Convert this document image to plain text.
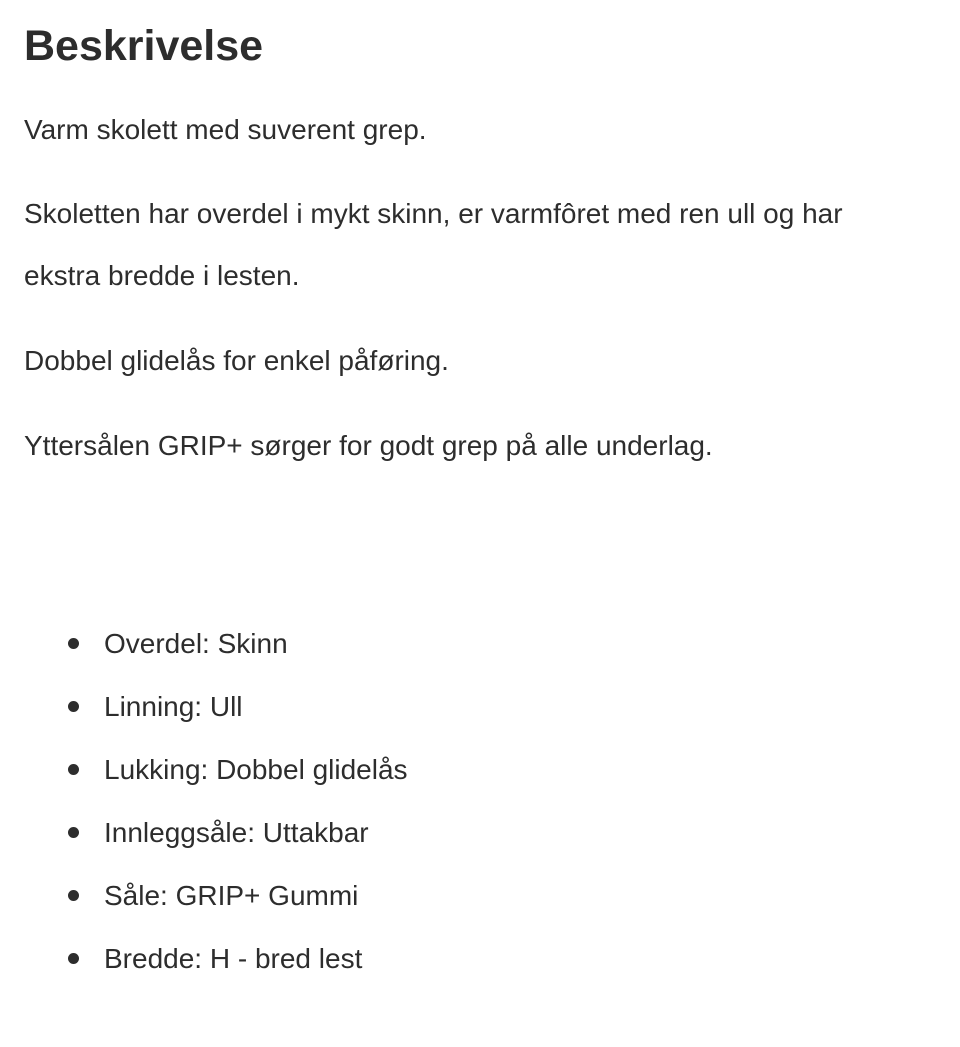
Beskrivelse

Varm skolett med suverent grep.

Skoletten har overdel i mykt skinn, er varmfôret med ren ull og har ekstra bredde i lesten.

Dobbel glidelås for enkel påføring.

Yttersålen GRIP+ sørger for godt grep på alle underlag.

Overdel: Skinn
Linning: Ull
Lukking: Dobbel glidelås
Innleggsåle: Uttakbar
Såle: GRIP+ Gummi
Bredde: H - bred lest
